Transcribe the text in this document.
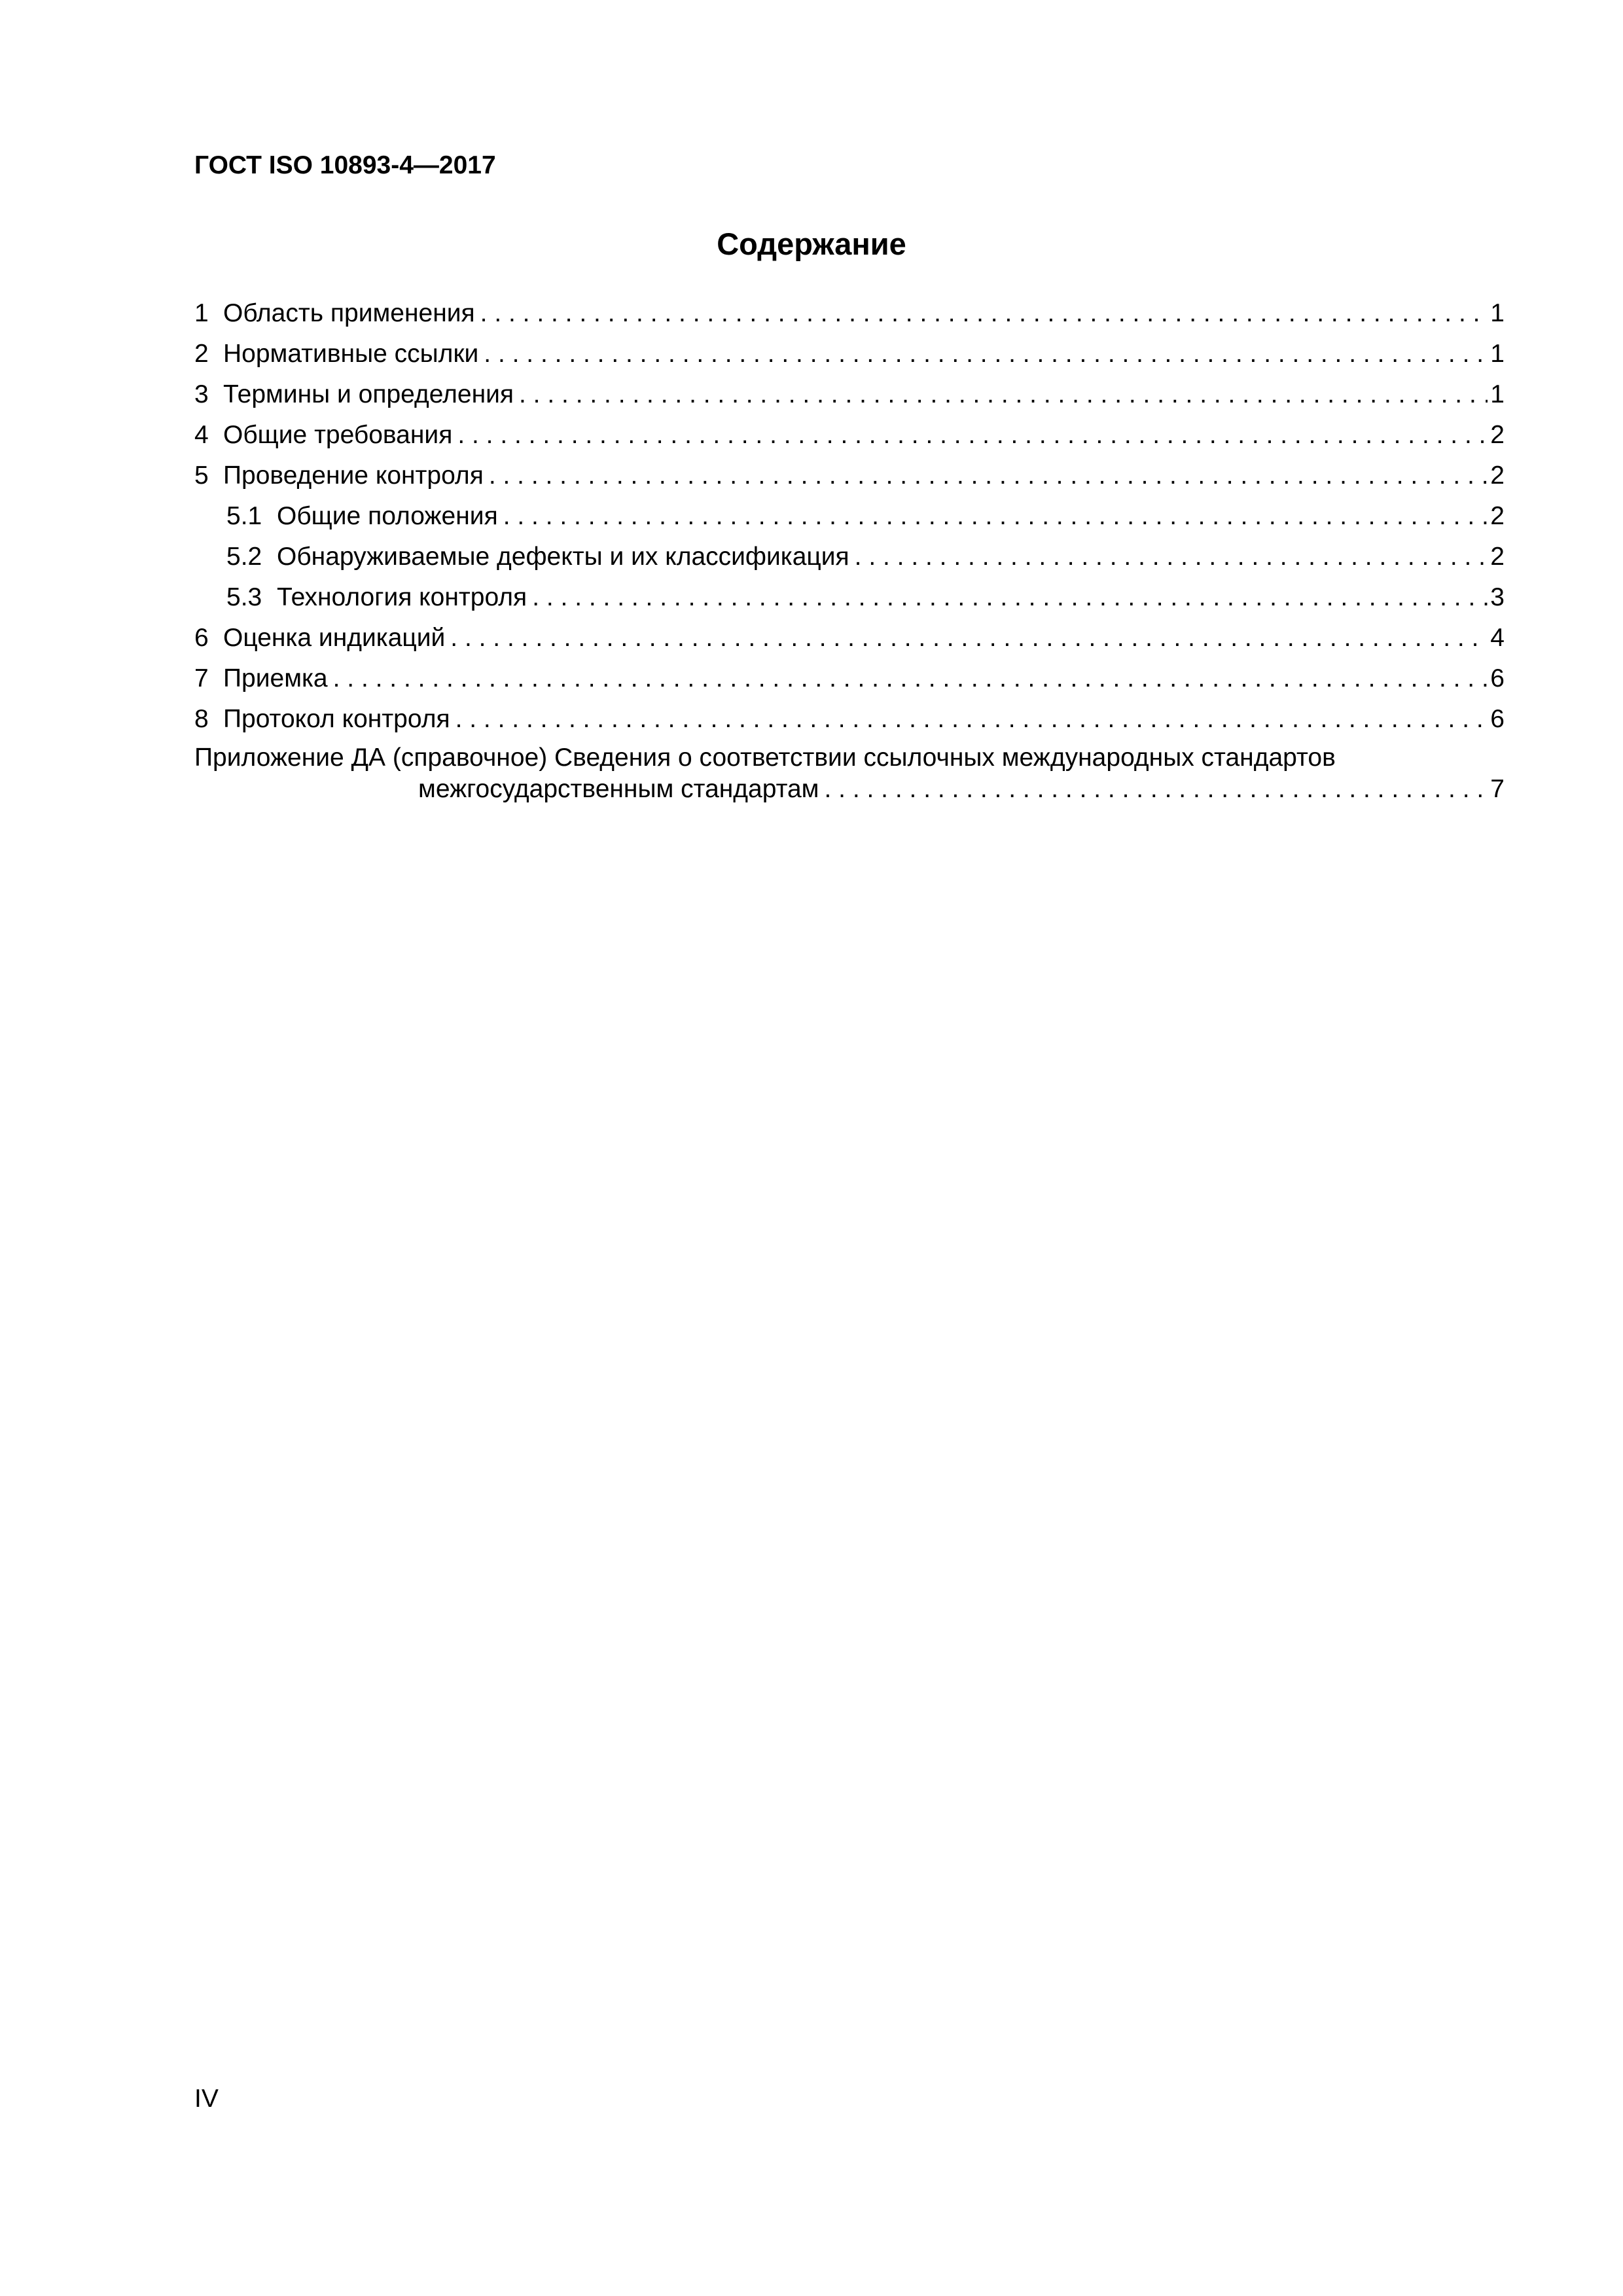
ГОСТ ISO 10893-4—2017
Содержание
1 Область применения . . .	1
2 Нормативные ссылки . . .	1
3 Термины и определения . . .	1
4 Общие требования . . .	2
5 Проведение контроля . . .	2
5.1 Общие положения . . .	2
5.2 Обнаруживаемые дефекты и их классификация . . .	2
5.3 Технология контроля . . .	3
6 Оценка индикаций . . .	4
7 Приемка . . .	6
8 Протокол контроля . . .	6
Приложение ДА (справочное) Сведения о соответствии ссылочных международных стандартов
межгосударственным стандартам . . .	7
IV
